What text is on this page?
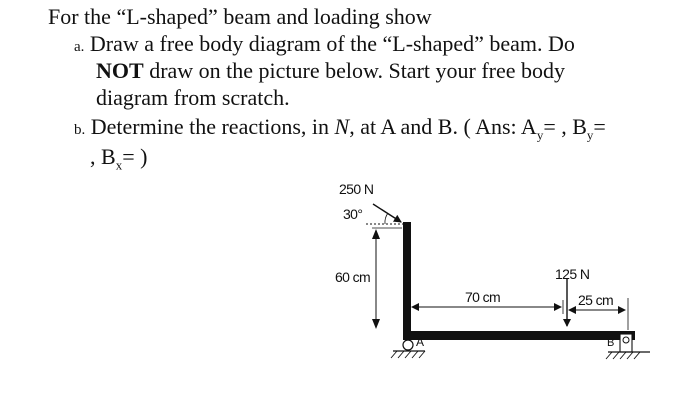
For the “L-shaped” beam and loading show
a. Draw a free body diagram of the “L-shaped” beam. Do
NOT draw on the picture below. Start your free body
diagram from scratch.
b. Determine the reactions, in N, at A and B. ( Ans: $A_y=$ , $B_y=$
, $B_x=$ )
250 N
30°
60 cm
70 cm
125 N
25 cm
A	B
